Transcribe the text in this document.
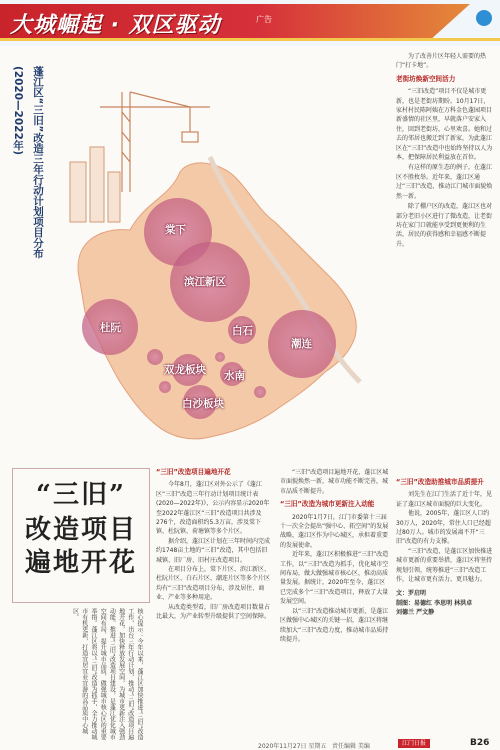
大城崛起 · 双区驱动	广告
蓬江区“三旧”改造三年行动计划项目分布(2020—2022年)
棠下
滨江新区
杜阮	白石
潮连
双龙板块 水南
白沙板块

为了改善片区年轻人需要的热门“打卡地”。

老街坊焕新空间活力

“三旧改造”项目不仅是城市更新，也是老街坊期盼。10月17日，家村村民陈阿姨在万科金色蓬园项目新盛情的社区里，早就落户安家入住，回到老街坊，心里欢喜。她和过去的邻居也搬迁到了新家，为此蓬江区在“三旧”改造中也始终坚持以人为本，把保障居民利益放在首位。

有这样的原生态的例子，在蓬江区不胜枚举。近年来，蓬江区通过“三旧”改造，推动江门城市面貌焕然一新。

除了棚户区的改造，蓬江区也对部分老旧小区进行了微改造，让老街坊在家门口就能享受到更便利的生活，居民的获得感和幸福感不断提升。

“三旧”
改造项目
遍地开花
核心提示：今年以来，蓬江区加快推进“三旧”改造工作，出台三年行动计划，推动“三旧”改造项目遍地开花，加快释放发展空间，为城市更新注入强劲动能。推进“三旧”改造项目建设，是蓬江优化城市空间布局、提升城市品质、做强城市核心区的重要举措。蓬江区将以“三旧”改造为抓手，全力推动城市有机更新，打造宜居宜业宜游的高品质中心城区。
“三旧”改造项目遍地开花

今年8月，蓬江区对外公示了《蓬江区“三旧”改造三年行动计划项目统计表(2020—2022年)》，公示内容显示2020年至2022年蓬江区“三旧”改造项目共涉及276个，改造面积约5.3万亩，涉及棠下镇、杜阮镇、荷塘镇等多个片区。

据介绍，蓬江区计划在三年时间内完成约1748亩土地的“三旧”改造，其中包括旧城镇、旧厂房、旧村庄改造项目。

在项目分布上，棠下片区、滨江新区、杜阮片区、白石片区、潮连片区等多个片区均有“三旧”改造项目分布，涉及居住、商业、产业等多种用途。

从改造类型看，旧厂房改造项目数量占比最大，为产业转型升级提供了空间保障。

“三旧”改造项目遍地开花，蓬江区城市面貌焕然一新，城市功能不断完善，城市品质不断提升。

“三旧”改造为城市更新注入动能

2020年1月7日，江门市委第十三届十一次全会提出“强中心、拓空间”的发展战略，蓬江区作为中心城区，承担着重要的发展使命。

近年来，蓬江区积极推进“三旧”改造工作，以“三旧”改造为抓手，优化城市空间布局，做大做强城市核心区，推动高质量发展。据统计，2020年至今，蓬江区已完成多个“三旧”改造项目，释放了大量发展空间。

以“三旧”改造推动城市更新，是蓬江区做强中心城区的关键一招，蓬江区将继续加大“三旧”改造力度，推动城市品质持续提升。

“三旧”改造助推城市品质提升

刘先生在江门生活了近十年，见证了蓬江区城市面貌的巨大变化。

他说，2005年，蓬江区人口约30万人，2020年，常住人口已经超过80万人。城市的发展离不开“三旧”改造的有力支撑。

“三旧”改造，是蓬江区加快推进城市更新的重要举措，蓬江区将坚持规划引领，统筹推进“三旧”改造工作，让城市更有活力、更具魅力。

文：罗启明
制图：易德红 李思明 林洪卓
刘德兰 严文静

2020年11月27日 星期五 责任编辑 美编	江门日报	B26
